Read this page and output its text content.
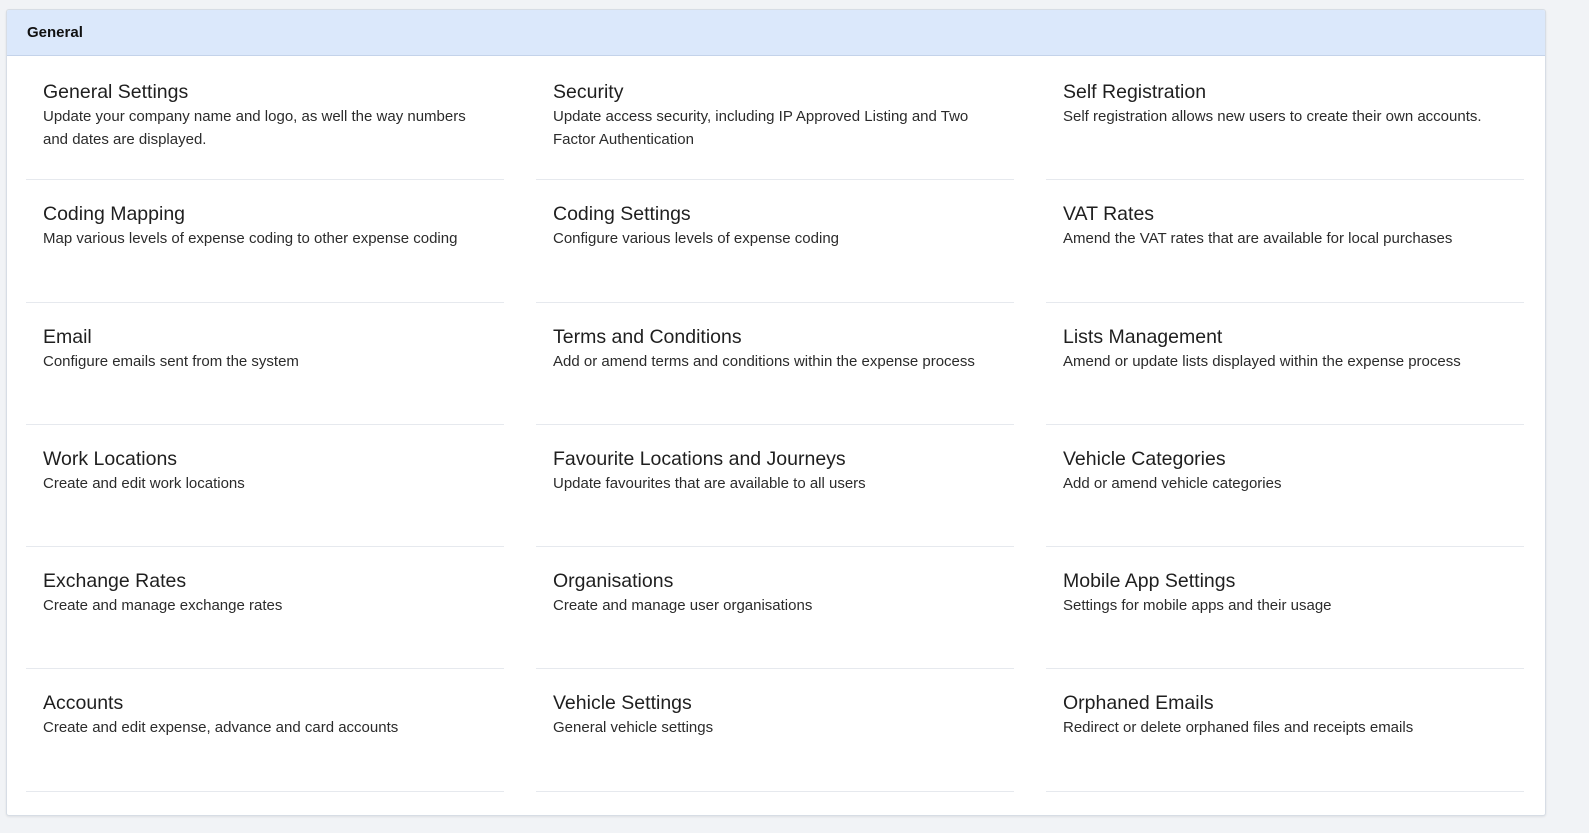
General
General Settings
Update your company name and logo, as well the way numbers and dates are displayed.
Security
Update access security, including IP Approved Listing and Two Factor Authentication
Self Registration
Self registration allows new users to create their own accounts.
Coding Mapping
Map various levels of expense coding to other expense coding
Coding Settings
Configure various levels of expense coding
VAT Rates
Amend the VAT rates that are available for local purchases
Email
Configure emails sent from the system
Terms and Conditions
Add or amend terms and conditions within the expense process
Lists Management
Amend or update lists displayed within the expense process
Work Locations
Create and edit work locations
Favourite Locations and Journeys
Update favourites that are available to all users
Vehicle Categories
Add or amend vehicle categories
Exchange Rates
Create and manage exchange rates
Organisations
Create and manage user organisations
Mobile App Settings
Settings for mobile apps and their usage
Accounts
Create and edit expense, advance and card accounts
Vehicle Settings
General vehicle settings
Orphaned Emails
Redirect or delete orphaned files and receipts emails
